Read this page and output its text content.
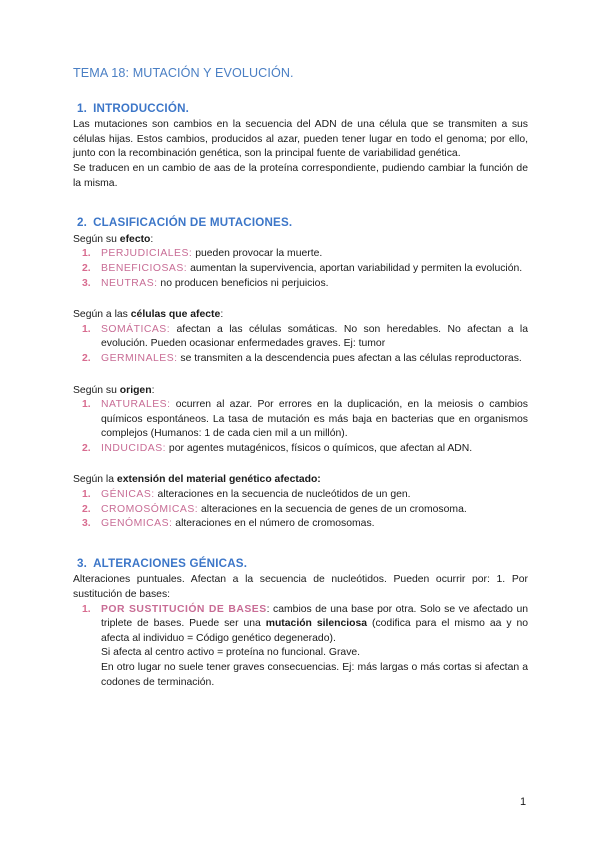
TEMA 18: MUTACIÓN Y EVOLUCIÓN.
1. INTRODUCCIÓN.

Las mutaciones son cambios en la secuencia del ADN de una célula que se transmiten a sus células hijas. Estos cambios, producidos al azar, pueden tener lugar en todo el genoma; por ello, junto con la recombinación genética, son la principal fuente de variabilidad genética.

Se traducen en un cambio de aas de la proteína correspondiente, pudiendo cambiar la función de la misma.

2. CLASIFICACIÓN DE MUTACIONES.

Según su efecto:

1. PERJUDICIALES: pueden provocar la muerte.
2. BENEFICIOSAS: aumentan la supervivencia, aportan variabilidad y permiten la evolución.
3. NEUTRAS: no producen beneficios ni perjuicios.

Según a las células que afecte:

1. SOMÁTICAS: afectan a las células somáticas. No son heredables. No afectan a la evolución. Pueden ocasionar enfermedades graves. Ej: tumor
2. GERMINALES: se transmiten a la descendencia pues afectan a las células reproductoras.

Según su origen:

1. NATURALES: ocurren al azar. Por errores en la duplicación, en la meiosis o cambios químicos espontáneos. La tasa de mutación es más baja en bacterias que en organismos complejos (Humanos: 1 de cada cien mil a un millón).
2. INDUCIDAS: por agentes mutagénicos, físicos o químicos, que afectan al ADN.

Según la extensión del material genético afectado:

1. GÉNICAS: alteraciones en la secuencia de nucleótidos de un gen.
2. CROMOSÓMICAS: alteraciones en la secuencia de genes de un cromosoma.
3. GENÓMICAS: alteraciones en el número de cromosomas.
3. ALTERACIONES GÉNICAS.

Alteraciones puntuales. Afectan a la secuencia de nucleótidos. Pueden ocurrir por: 1. Por sustitución de bases:

1. POR SUSTITUCIÓN DE BASES: cambios de una base por otra. Solo se ve afectado un triplete de bases. Puede ser una mutación silenciosa (codifica para el mismo aa y no afecta al individuo = Código genético degenerado).
Si afecta al centro activo = proteína no funcional. Grave.
En otro lugar no suele tener graves consecuencias. Ej: más largas o más cortas si afectan a codones de terminación.
1
